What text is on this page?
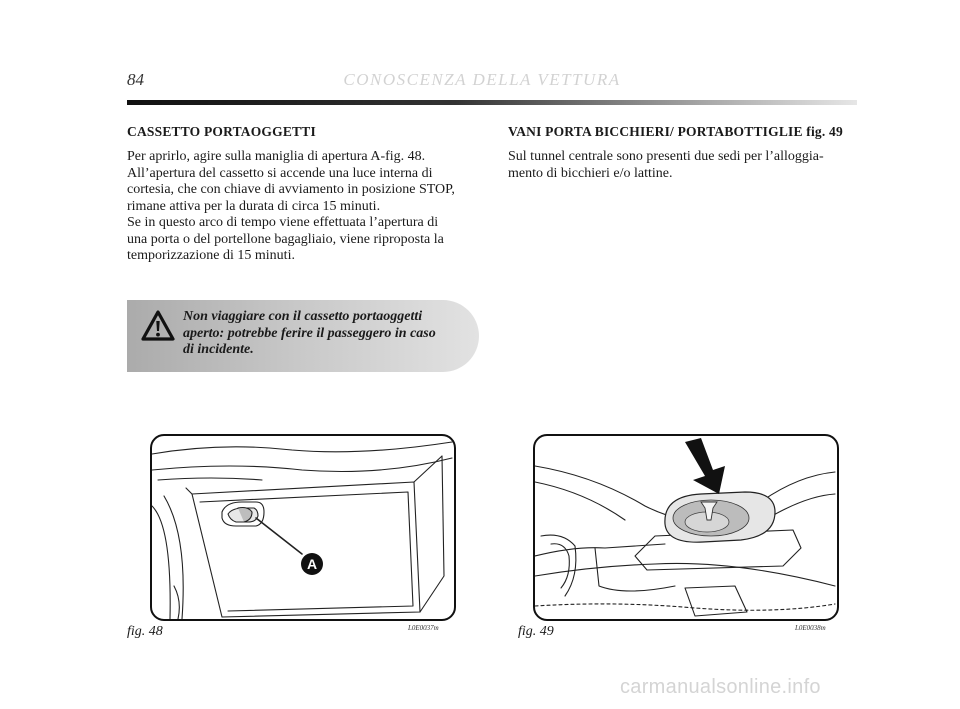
84	CONOSCENZA DELLA VETTURA
CASSETTO PORTAOGGETTI
Per aprirlo, agire sulla maniglia di apertura A-fig. 48.
All’apertura del cassetto si accende una luce interna di
cortesia, che con chiave di avviamento in posizione STOP,
rimane attiva per la durata di circa 15 minuti.
Se in questo arco di tempo viene effettuata l’apertura di
una porta o del portellone bagagliaio, viene riproposta la
temporizzazione di 15 minuti.
Non viaggiare con il cassetto portaoggetti
aperto: potrebbe ferire il passeggero in caso
di incidente.
VANI PORTA BICCHIERI/ PORTABOTTIGLIE fig. 49
Sul tunnel centrale sono presenti due sedi per l’alloggia-
mento di bicchieri e/o lattine.
A
fig. 48	L0E0037m	fig. 49	L0E0038m
carmanualsonline.info
